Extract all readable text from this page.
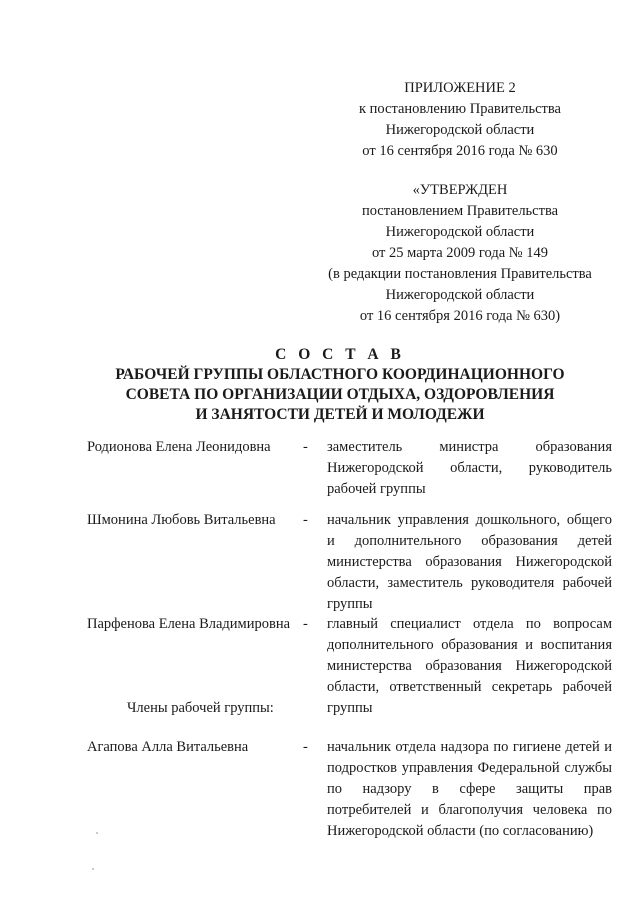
ПРИЛОЖЕНИЕ 2
к постановлению Правительства
Нижегородской области
от 16 сентября 2016 года № 630
«УТВЕРЖДЕН
постановлением Правительства
Нижегородской области
от 25 марта 2009 года № 149
(в редакции постановления Правительства
Нижегородской области
от 16 сентября 2016 года № 630)
С О С Т А В
РАБОЧЕЙ ГРУППЫ ОБЛАСТНОГО КООРДИНАЦИОННОГО
СОВЕТА ПО ОРГАНИЗАЦИИ ОТДЫХА, ОЗДОРОВЛЕНИЯ
И ЗАНЯТОСТИ ДЕТЕЙ И МОЛОДЕЖИ
Родионова Елена Леонидовна	- заместитель министра образования Нижегородской области, руководитель рабочей группы
Шмонина Любовь Витальевна	- начальник управления дошкольного, общего и дополнительного образования детей министерства образования Нижегородской области, заместитель руководителя рабочей группы
Парфенова Елена Владимировна - главный специалист отдела по вопросам дополнительного образования и воспитания министерства образования Нижегородской области, ответственный секретарь рабочей группы
Члены рабочей группы:
Агапова Алла Витальевна	- начальник отдела надзора по гигиене детей и подростков управления Федеральной службы по надзору в сфере защиты прав потребителей и благополучия человека по Нижегородской области (по согласованию)
